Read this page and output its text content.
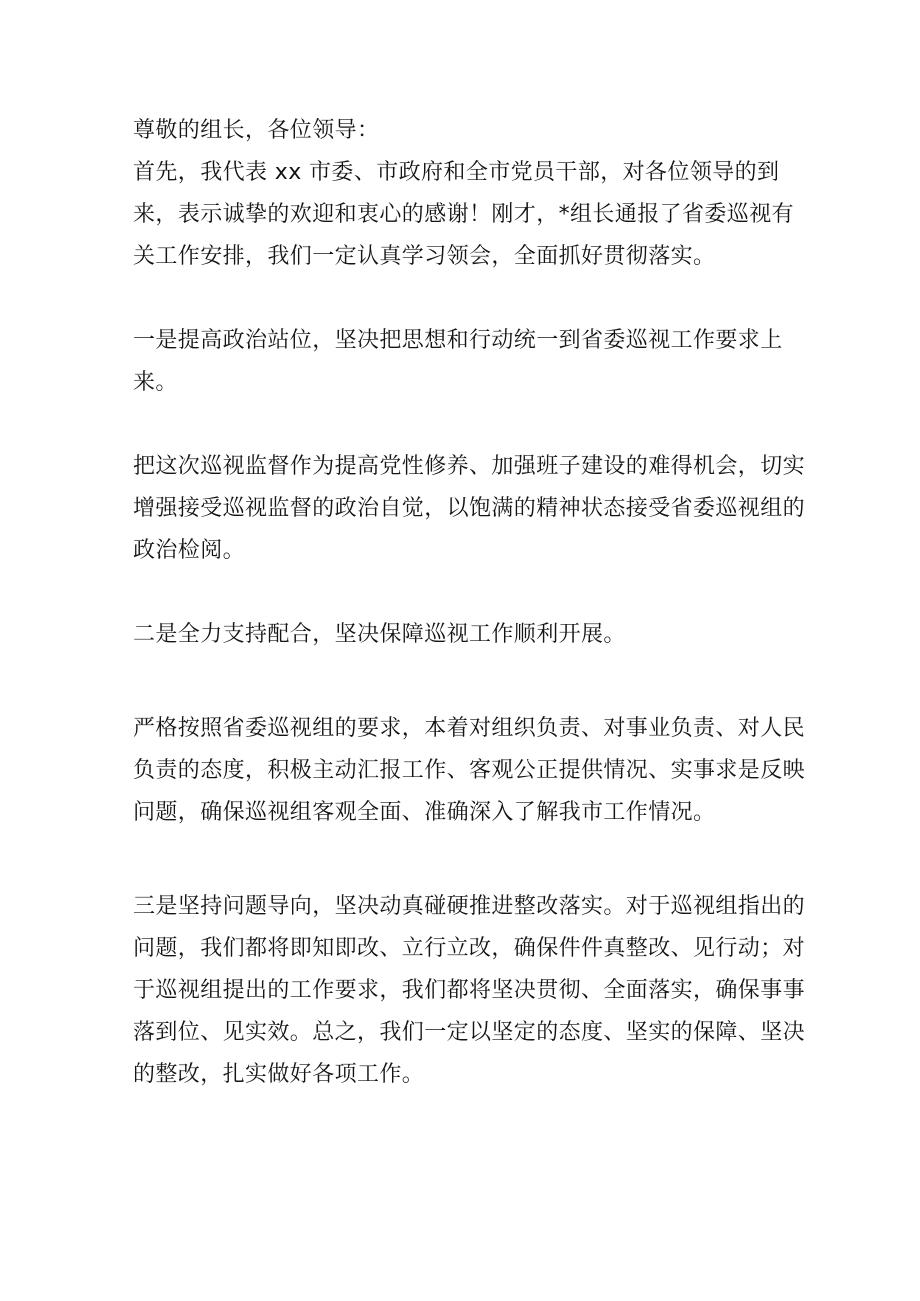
尊敬的组长，各位领导：

首先，我代表 xx 市委、市政府和全市党员干部，对各位领导的到来，表示诚挚的欢迎和衷心的感谢！刚才，*组长通报了省委巡视有关工作安排，我们一定认真学习领会，全面抓好贯彻落实。

一是提高政治站位，坚决把思想和行动统一到省委巡视工作要求上来。

把这次巡视监督作为提高党性修养、加强班子建设的难得机会，切实增强接受巡视监督的政治自觉，以饱满的精神状态接受省委巡视组的政治检阅。

二是全力支持配合，坚决保障巡视工作顺利开展。

严格按照省委巡视组的要求，本着对组织负责、对事业负责、对人民负责的态度，积极主动汇报工作、客观公正提供情况、实事求是反映问题，确保巡视组客观全面、准确深入了解我市工作情况。

三是坚持问题导向，坚决动真碰硬推进整改落实。对于巡视组指出的问题，我们都将即知即改、立行立改，确保件件真整改、见行动；对于巡视组提出的工作要求，我们都将坚决贯彻、全面落实，确保事事落到位、见实效。总之，我们一定以坚定的态度、坚实的保障、坚决的整改，扎实做好各项工作。
